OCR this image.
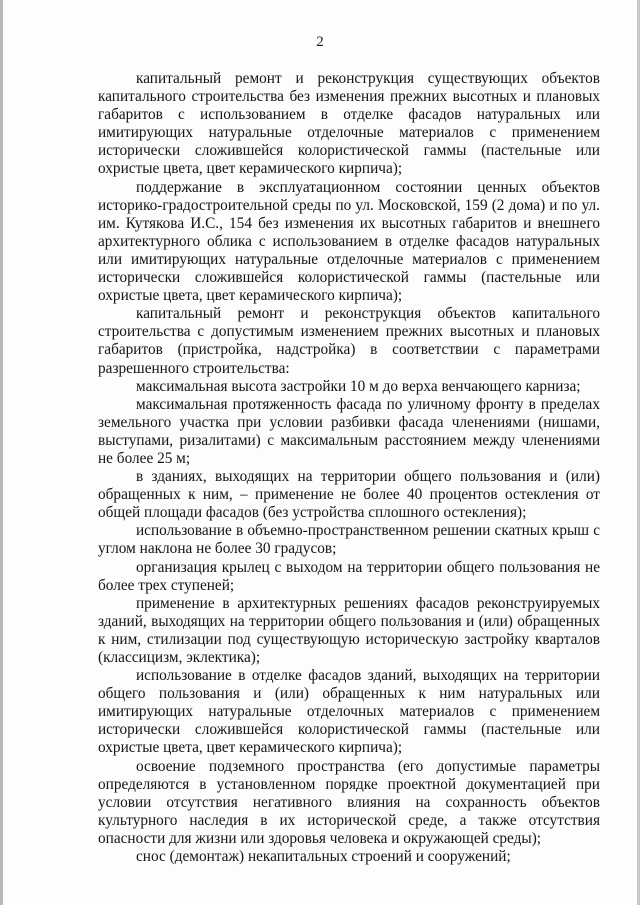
2

капитальный ремонт и реконструкция существующих объектов капитального строительства без изменения прежних высотных и плановых габаритов с использованием в отделке фасадов натуральных или имитирующих натуральные отделочные материалов с применением исторически сложившейся колористической гаммы (пастельные или охристые цвета, цвет керамического кирпича);

поддержание в эксплуатационном состоянии ценных объектов историко-градостроительной среды по ул. Московской, 159 (2 дома) и по ул. им. Кутякова И.С., 154 без изменения их высотных габаритов и внешнего архитектурного облика с использованием в отделке фасадов натуральных или имитирующих натуральные отделочные материалов с применением исторически сложившейся колористической гаммы (пастельные или охристые цвета, цвет керамического кирпича);

капитальный ремонт и реконструкция объектов капитального строительства с допустимым изменением прежних высотных и плановых габаритов (пристройка, надстройка) в соответствии с параметрами разрешенного строительства:

максимальная высота застройки 10 м до верха венчающего карниза;

максимальная протяженность фасада по уличному фронту в пределах земельного участка при условии разбивки фасада членениями (нишами, выступами, ризалитами) с максимальным расстоянием между членениями не более 25 м;

в зданиях, выходящих на территории общего пользования и (или) обращенных к ним, – применение не более 40 процентов остекления от общей площади фасадов (без устройства сплошного остекления);

использование в объемно-пространственном решении скатных крыш с углом наклона не более 30 градусов;

организация крылец с выходом на территории общего пользования не более трех ступеней;

применение в архитектурных решениях фасадов реконструируемых зданий, выходящих на территории общего пользования и (или) обращенных к ним, стилизации под существующую историческую застройку кварталов (классицизм, эклектика);

использование в отделке фасадов зданий, выходящих на территории общего пользования и (или) обращенных к ним натуральных или имитирующих натуральные отделочных материалов с применением исторически сложившейся колористической гаммы (пастельные или охристые цвета, цвет керамического кирпича);

освоение подземного пространства (его допустимые параметры определяются в установленном порядке проектной документацией при условии отсутствия негативного влияния на сохранность объектов культурного наследия в их исторической среде, а также отсутствия опасности для жизни или здоровья человека и окружающей среды);

снос (демонтаж) некапитальных строений и сооружений;
